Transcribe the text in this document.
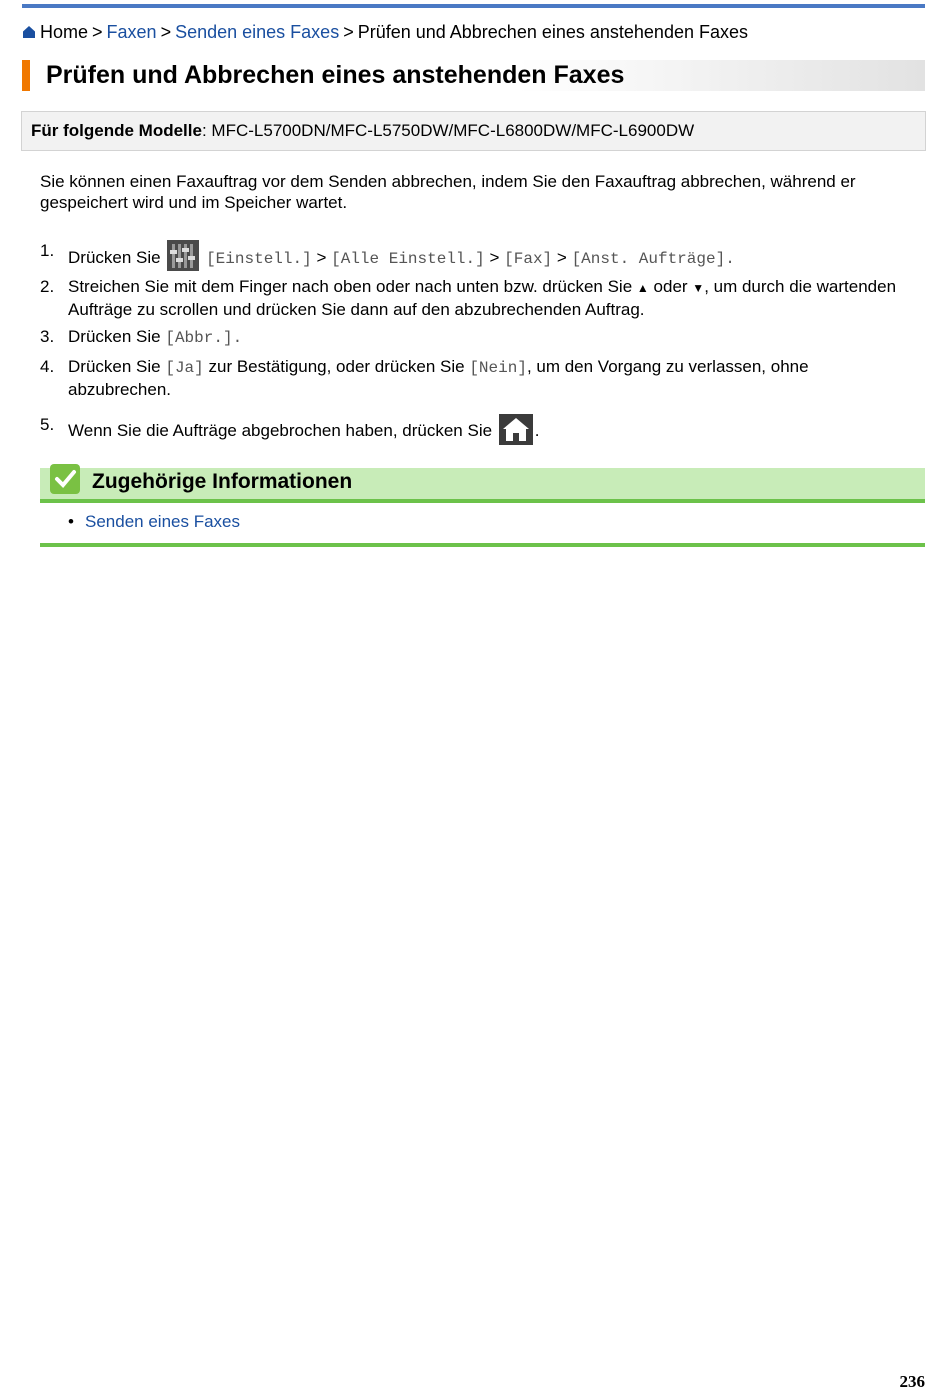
Home > Faxen > Senden eines Faxes > Prüfen und Abbrechen eines anstehenden Faxes
Prüfen und Abbrechen eines anstehenden Faxes
Für folgende Modelle: MFC-L5700DN/MFC-L5750DW/MFC-L6800DW/MFC-L6900DW

Sie können einen Faxauftrag vor dem Senden abbrechen, indem Sie den Faxauftrag abbrechen, während er gespeichert wird und im Speicher wartet.

1. Drücken Sie	[Einstell.] > [Alle Einstell.] > [Fax] > [Anst. Aufträge].
2. Streichen Sie mit dem Finger nach oben oder nach unten bzw. drücken Sie ▲ oder ▼, um durch die wartenden Aufträge zu scrollen und drücken Sie dann auf den abzubrechenden Auftrag.
3. Drücken Sie [Abbr.].
4. Drücken Sie [Ja] zur Bestätigung, oder drücken Sie [Nein], um den Vorgang zu verlassen, ohne abzubrechen.
5. Wenn Sie die Aufträge abgebrochen haben, drücken Sie	.
Zugehörige Informationen
• Senden eines Faxes
236
